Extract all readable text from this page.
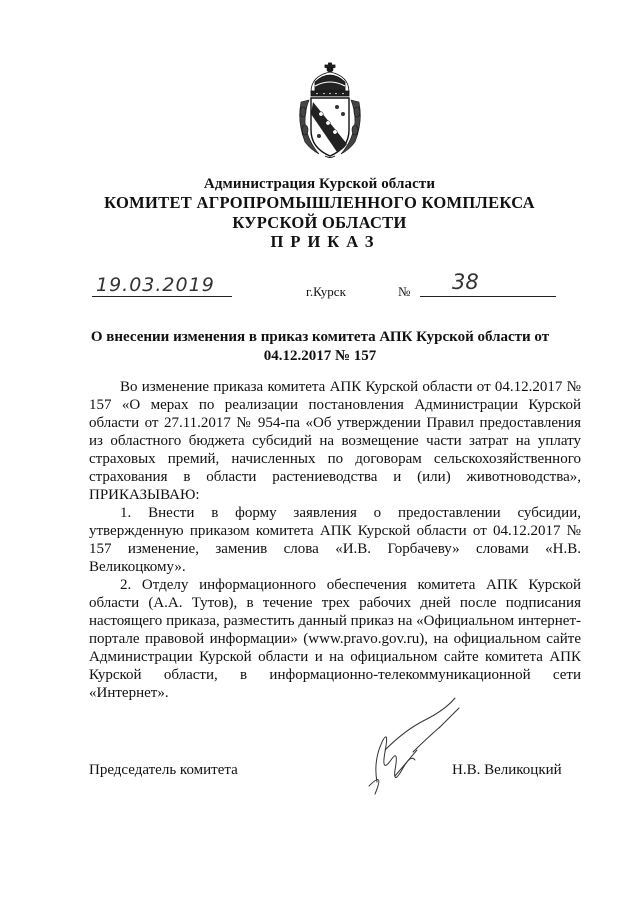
Администрация Курской области
КОМИТЕТ АГРОПРОМЫШЛЕННОГО КОМПЛЕКСА
КУРСКОЙ ОБЛАСТИ
ПРИКАЗ
19.03.2019	г.Курск	№ 38
О внесении изменения в приказ комитета АПК Курской области от 04.12.2017 № 157

Во изменение приказа комитета АПК Курской области от 04.12.2017 № 157 «О мерах по реализации постановления Администрации Курской области от 27.11.2017 № 954-па «Об утверждении Правил предоставления из областного бюджета субсидий на возмещение части затрат на уплату страховых премий, начисленных по договорам сельскохозяйственного страхования в области растениеводства и (или) животноводства», ПРИКАЗЫВАЮ:

1. Внести в форму заявления о предоставлении субсидии, утвержденную приказом комитета АПК Курской области от 04.12.2017 № 157 изменение, заменив слова «И.В. Горбачеву» словами «Н.В. Великоцкому».

2. Отделу информационного обеспечения комитета АПК Курской области (А.А. Тутов), в течение трех рабочих дней после подписания настоящего приказа, разместить данный приказ на «Официальном интернет-портале правовой информации» (www.pravo.gov.ru), на официальном сайте Администрации Курской области и на официальном сайте комитета АПК Курской области, в информационно-телекоммуникационной сети «Интернет».

Председатель комитета	Н.В. Великоцкий
